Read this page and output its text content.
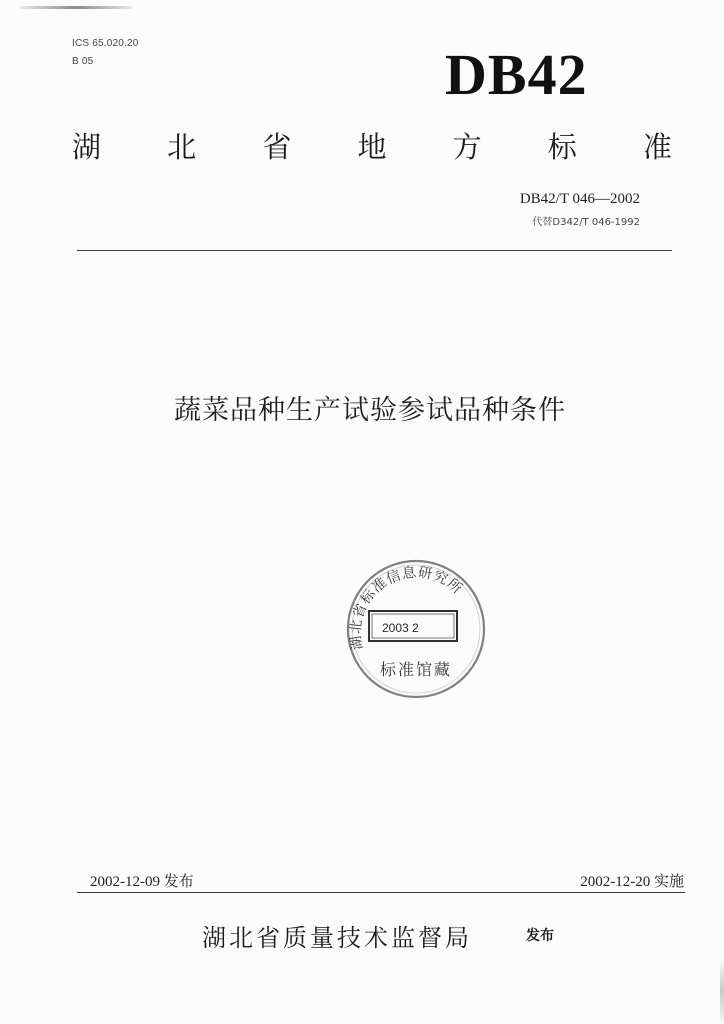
ICS 65.020.20
B 05	DB42
湖 北 省 地 方 标 准
DB42/T 046—2002
代替D342/T 046-1992
蔬菜品种生产试验参试品种条件
湖北省标准信息研究所
2003 2
标准馆藏
2002-12-09 发布	2002-12-20 实施
湖北省质量技术监督局	发布
